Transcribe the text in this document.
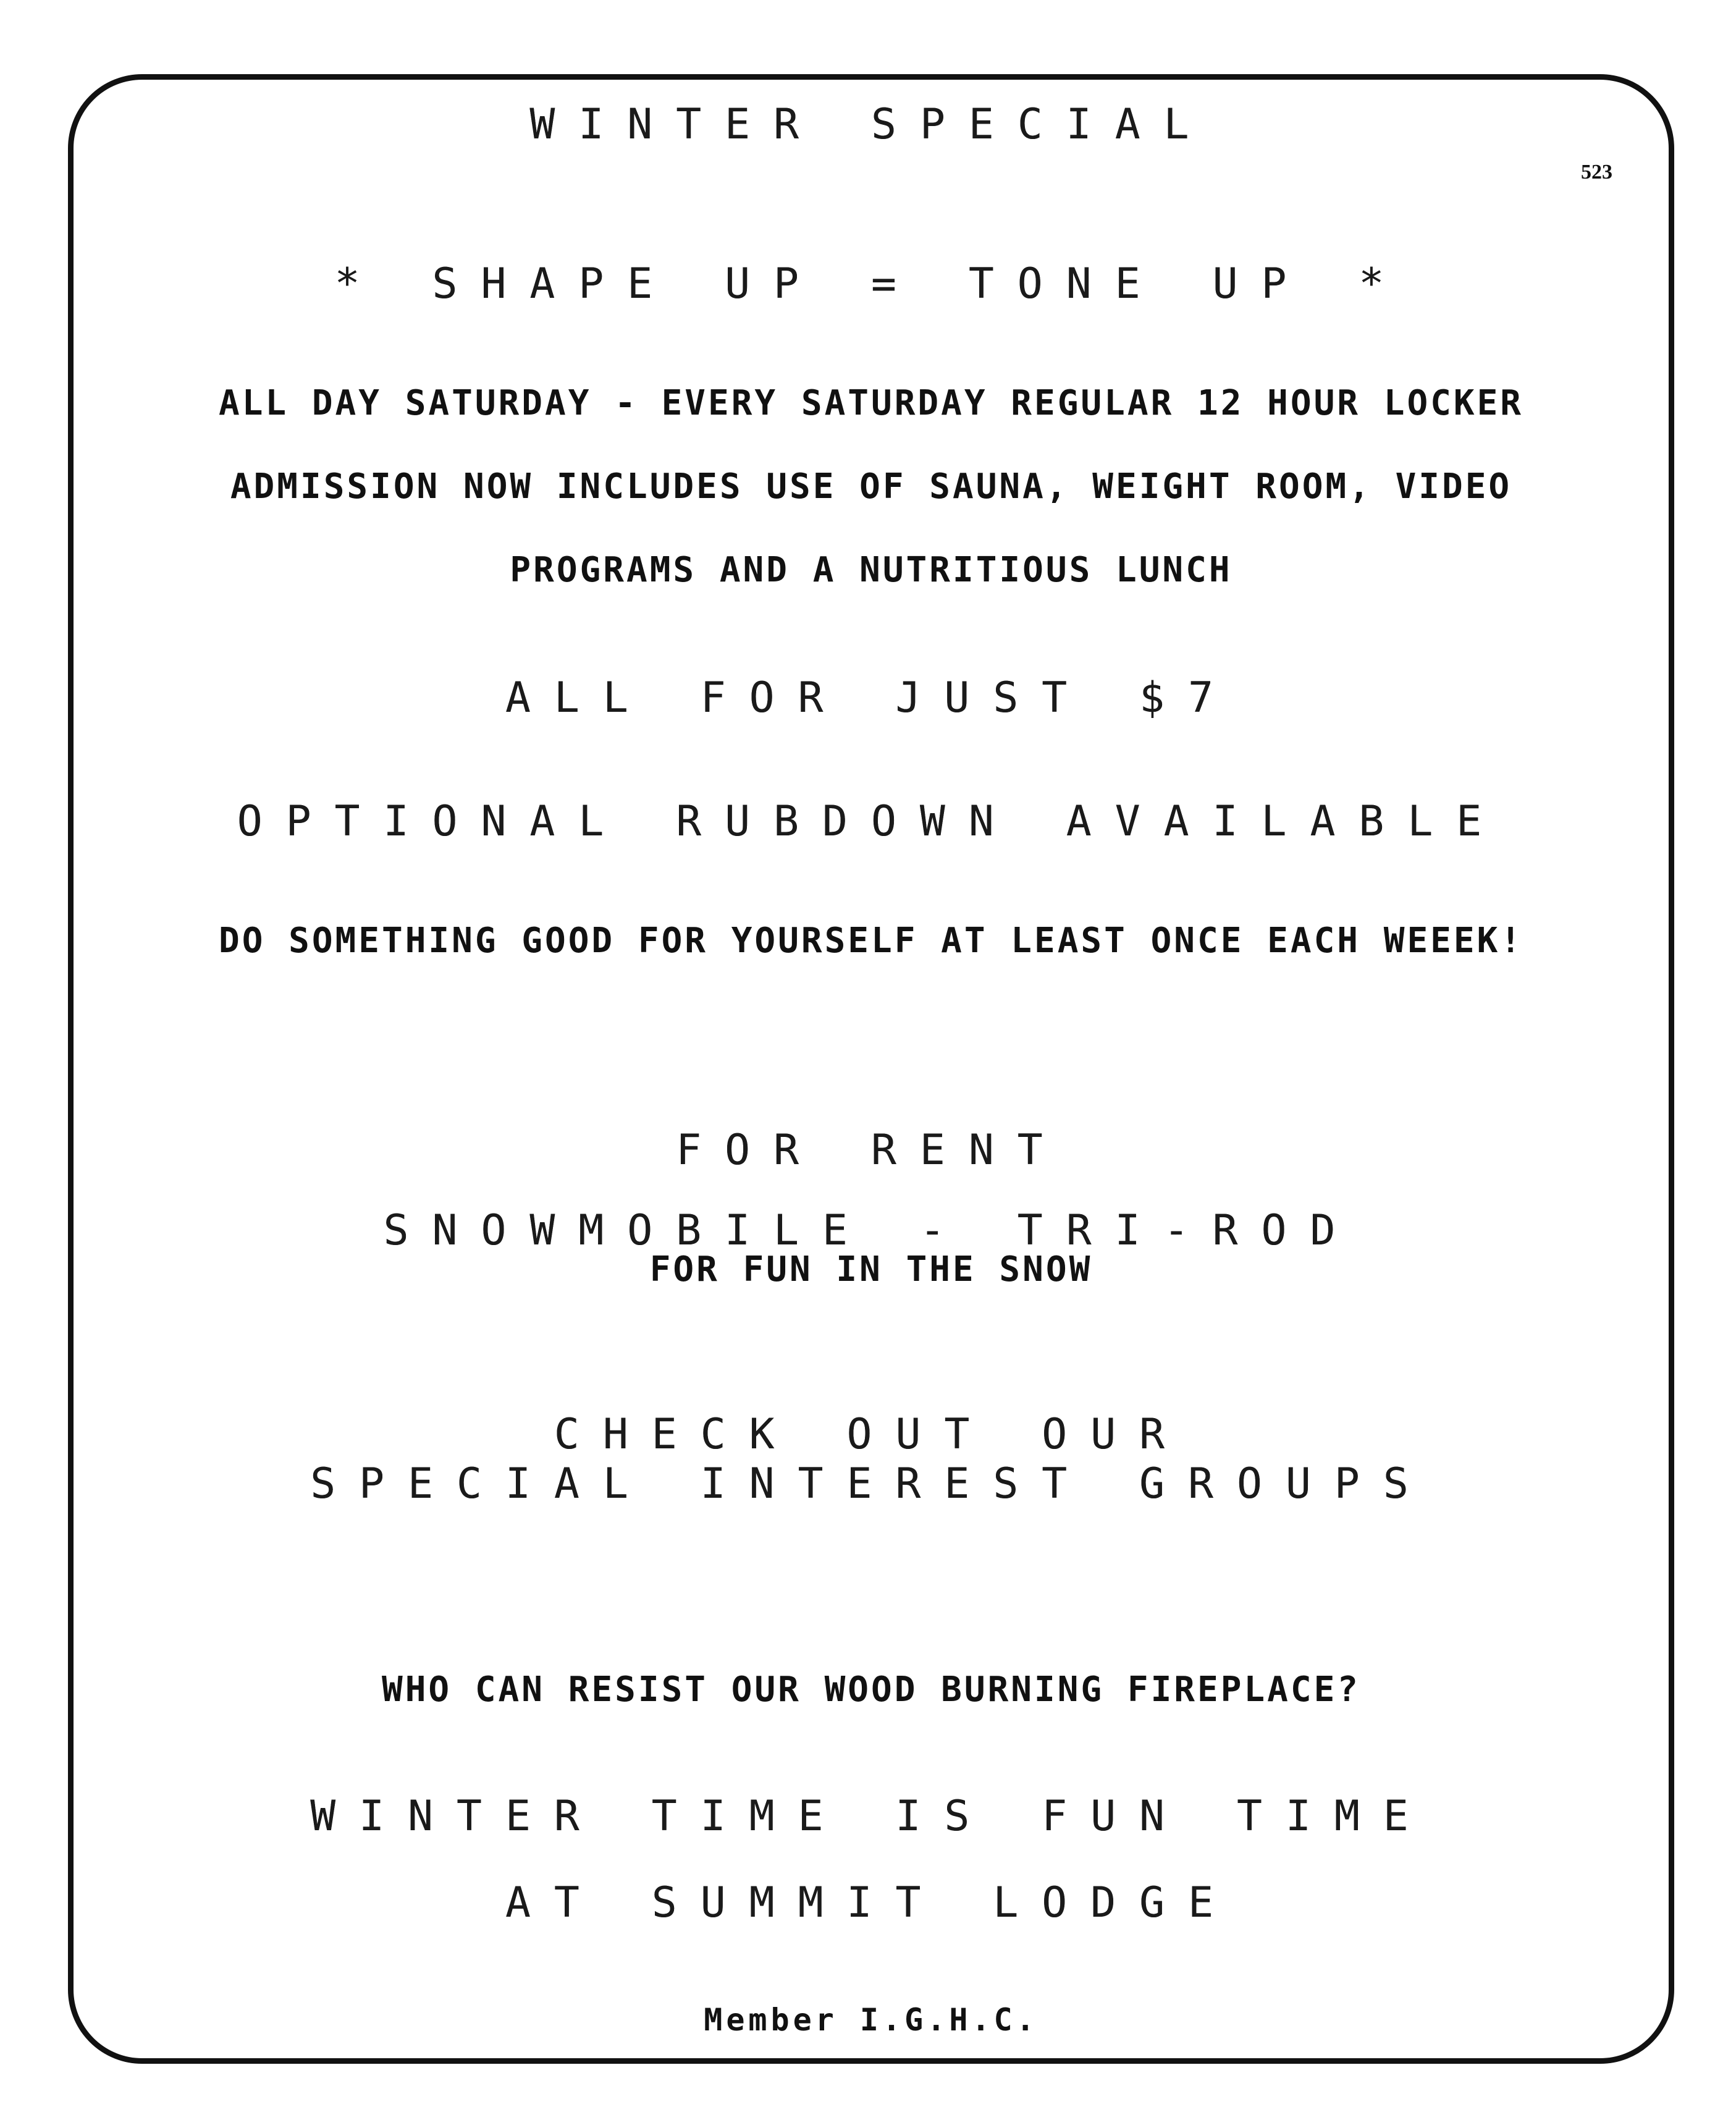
523
WINTER SPECIAL
* SHAPE UP = TONE UP *
ALL DAY SATURDAY - EVERY SATURDAY REGULAR 12 HOUR LOCKER
ADMISSION NOW INCLUDES USE OF SAUNA, WEIGHT ROOM, VIDEO
PROGRAMS AND A NUTRITIOUS LUNCH
ALL FOR JUST $7
OPTIONAL RUBDOWN AVAILABLE
DO SOMETHING GOOD FOR YOURSELF AT LEAST ONCE EACH WEEEK!
FOR RENT
SNOWMOBILE - TRI-ROD
FOR FUN IN THE SNOW
CHECK OUT OUR
SPECIAL INTEREST GROUPS
WHO CAN RESIST OUR WOOD BURNING FIREPLACE?
WINTER TIME IS FUN TIME
AT SUMMIT LODGE
Member I.G.H.C.
